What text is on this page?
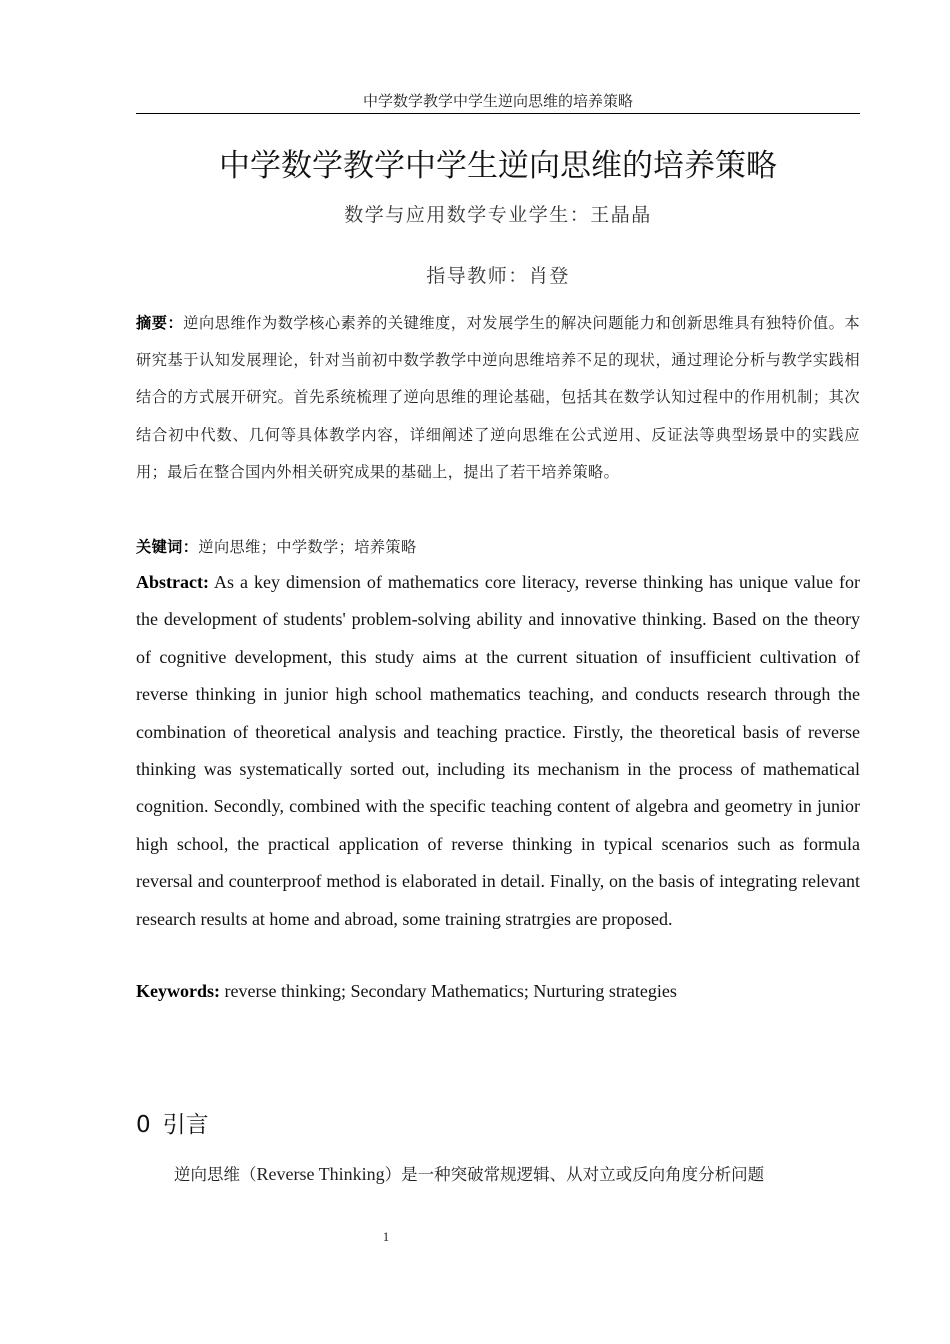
中学数学教学中学生逆向思维的培养策略
中学数学教学中学生逆向思维的培养策略
数学与应用数学专业学生：王晶晶
指导教师：肖登
摘要：逆向思维作为数学核心素养的关键维度，对发展学生的解决问题能力和创新思维具有独特价值。本研究基于认知发展理论，针对当前初中数学教学中逆向思维培养不足的现状，通过理论分析与教学实践相结合的方式展开研究。首先系统梳理了逆向思维的理论基础，包括其在数学认知过程中的作用机制；其次结合初中代数、几何等具体教学内容，详细阐述了逆向思维在公式逆用、反证法等典型场景中的实践应用；最后在整合国内外相关研究成果的基础上，提出了若干培养策略。
关键词：逆向思维；中学数学；培养策略
Abstract: As a key dimension of mathematics core literacy, reverse thinking has unique value for the development of students' problem-solving ability and innovative thinking. Based on the theory of cognitive development, this study aims at the current situation of insufficient cultivation of reverse thinking in junior high school mathematics teaching, and conducts research through the combination of theoretical analysis and teaching practice. Firstly, the theoretical basis of reverse thinking was systematically sorted out, including its mechanism in the process of mathematical cognition. Secondly, combined with the specific teaching content of algebra and geometry in junior high school, the practical application of reverse thinking in typical scenarios such as formula reversal and counterproof method is elaborated in detail. Finally, on the basis of integrating relevant research results at home and abroad, some training stratrgies are proposed.
Keywords: reverse thinking; Secondary Mathematics; Nurturing strategies
0 引言
逆向思维（Reverse Thinking）是一种突破常规逻辑、从对立或反向角度分析问题
1
